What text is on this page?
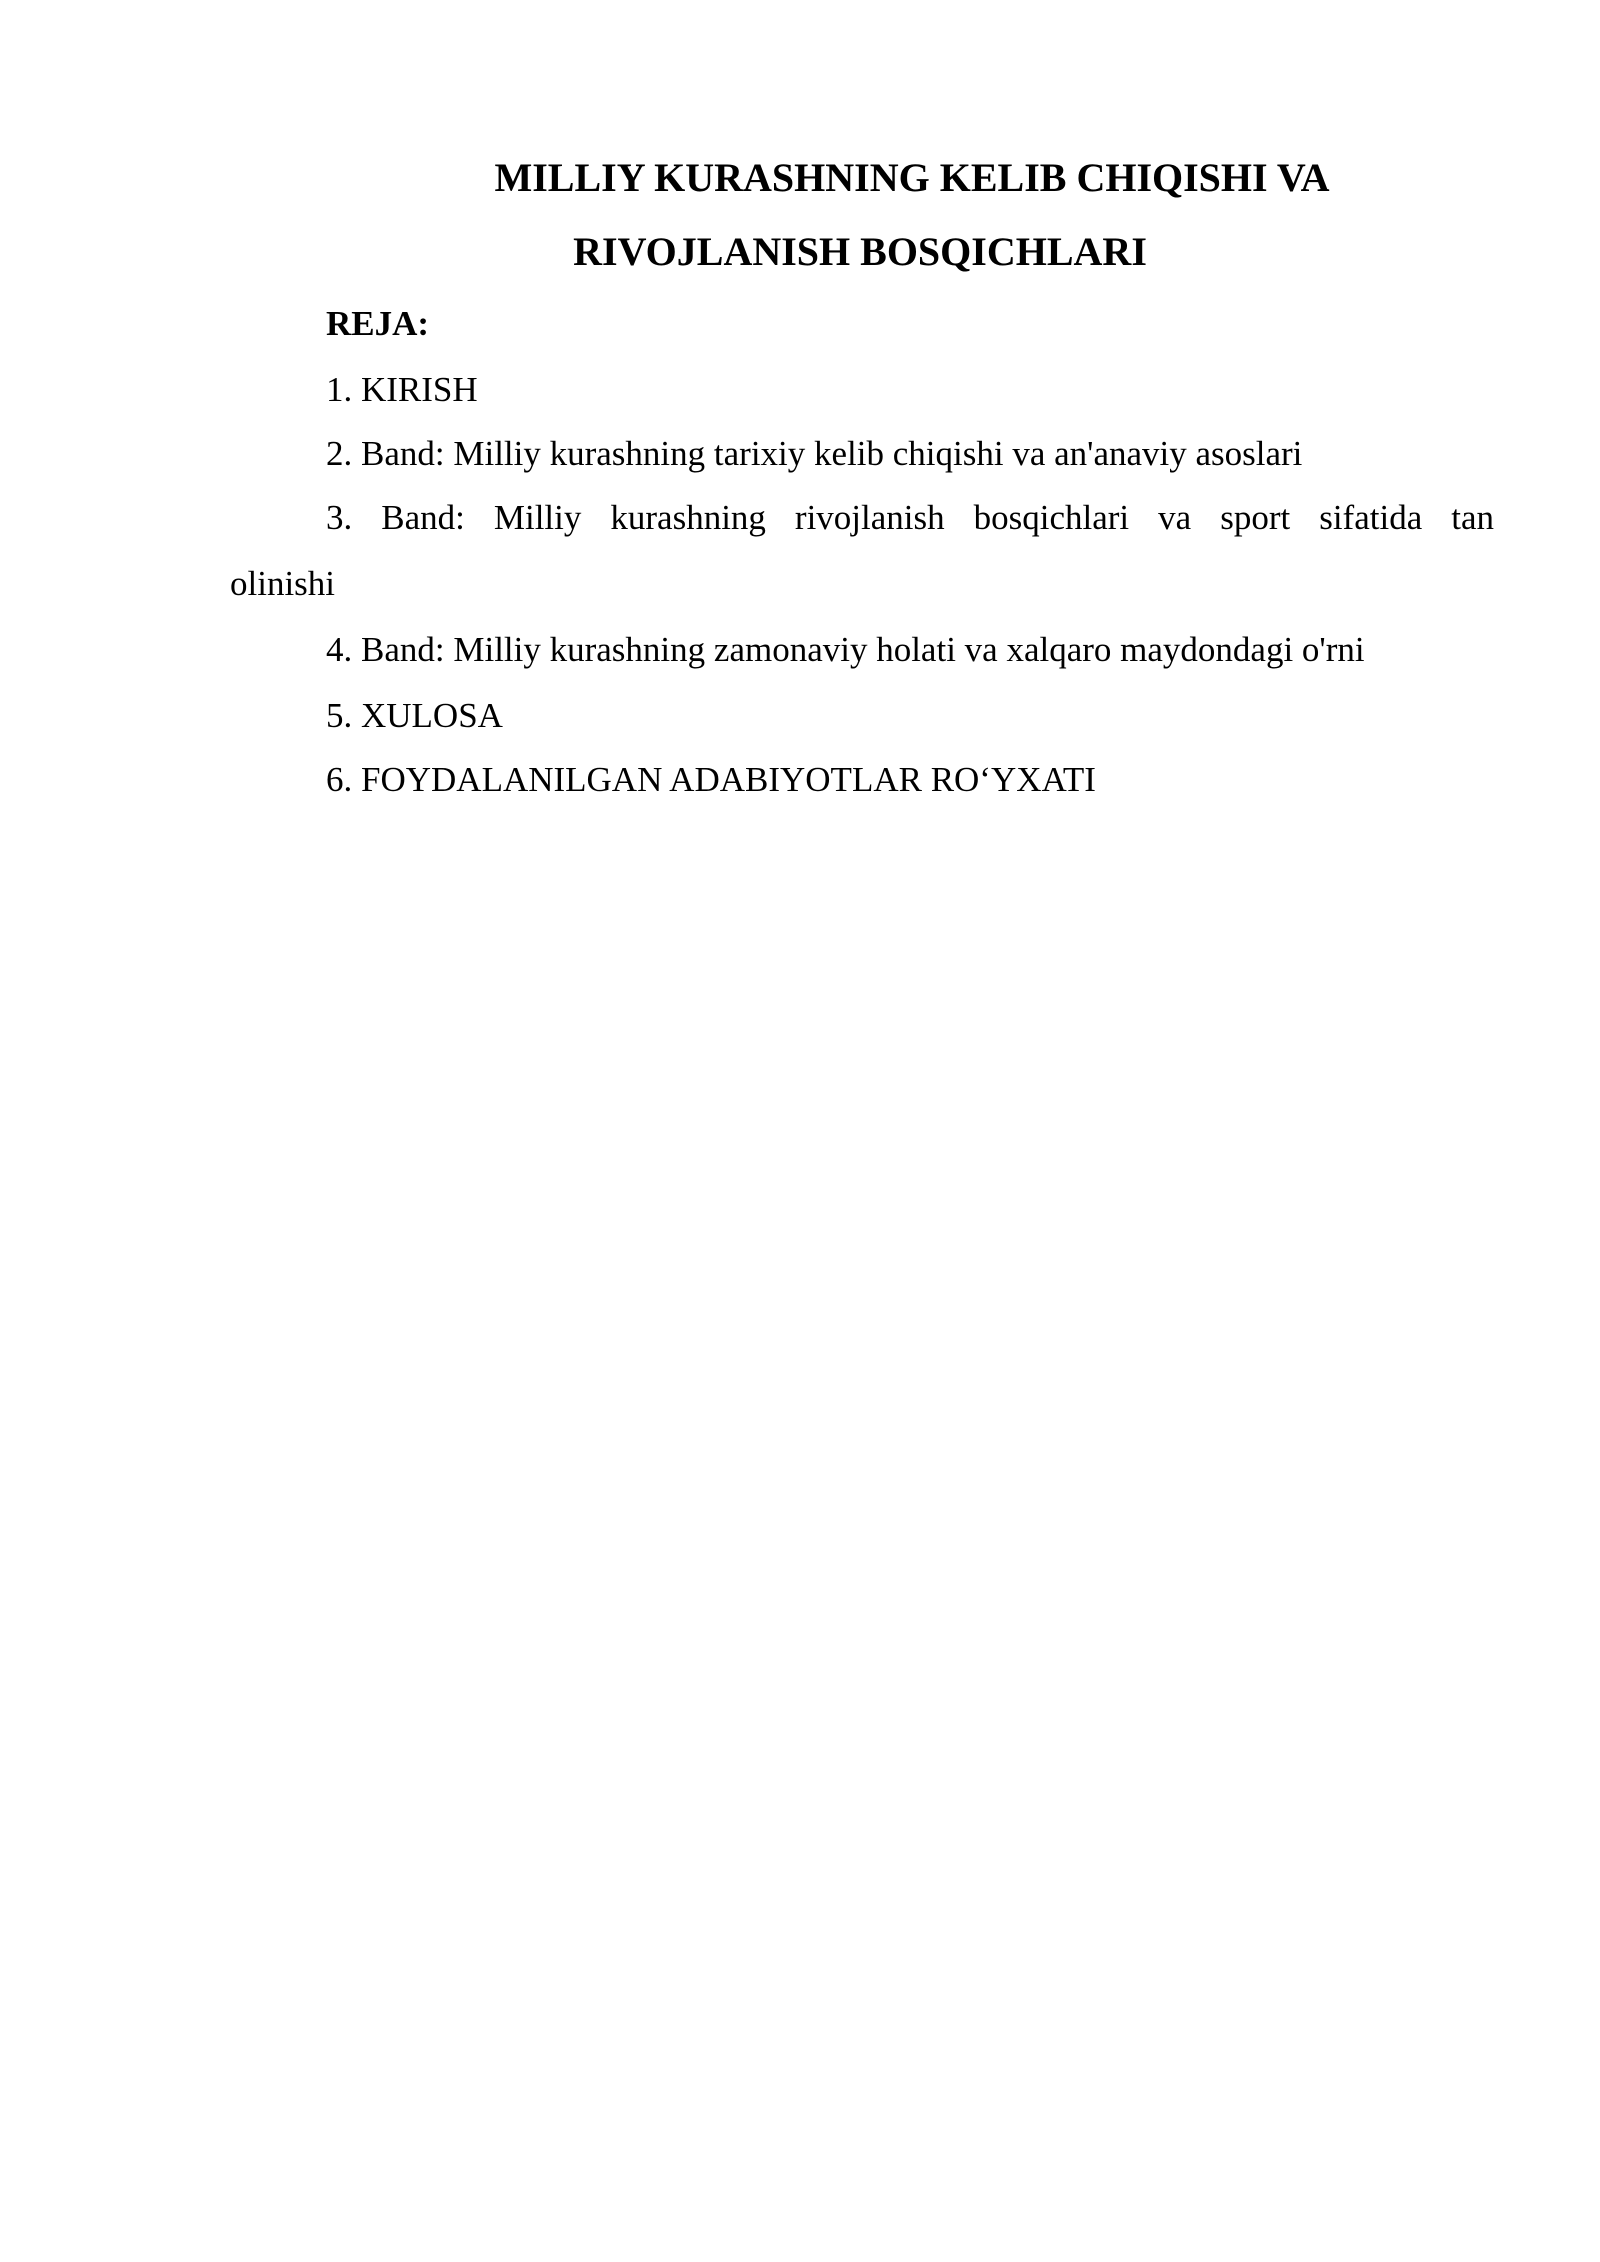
MILLIY KURASHNING KELIB CHIQISHI VA
RIVOJLANISH BOSQICHLARI
REJA:
1. KIRISH
2. Band: Milliy kurashning tarixiy kelib chiqishi va an'anaviy asoslari
3. Band: Milliy kurashning rivojlanish bosqichlari va sport sifatida tan
olinishi
4. Band: Milliy kurashning zamonaviy holati va xalqaro maydondagi o'rni
5. XULOSA
6. FOYDALANILGAN ADABIYOTLAR RO‘YXATI
